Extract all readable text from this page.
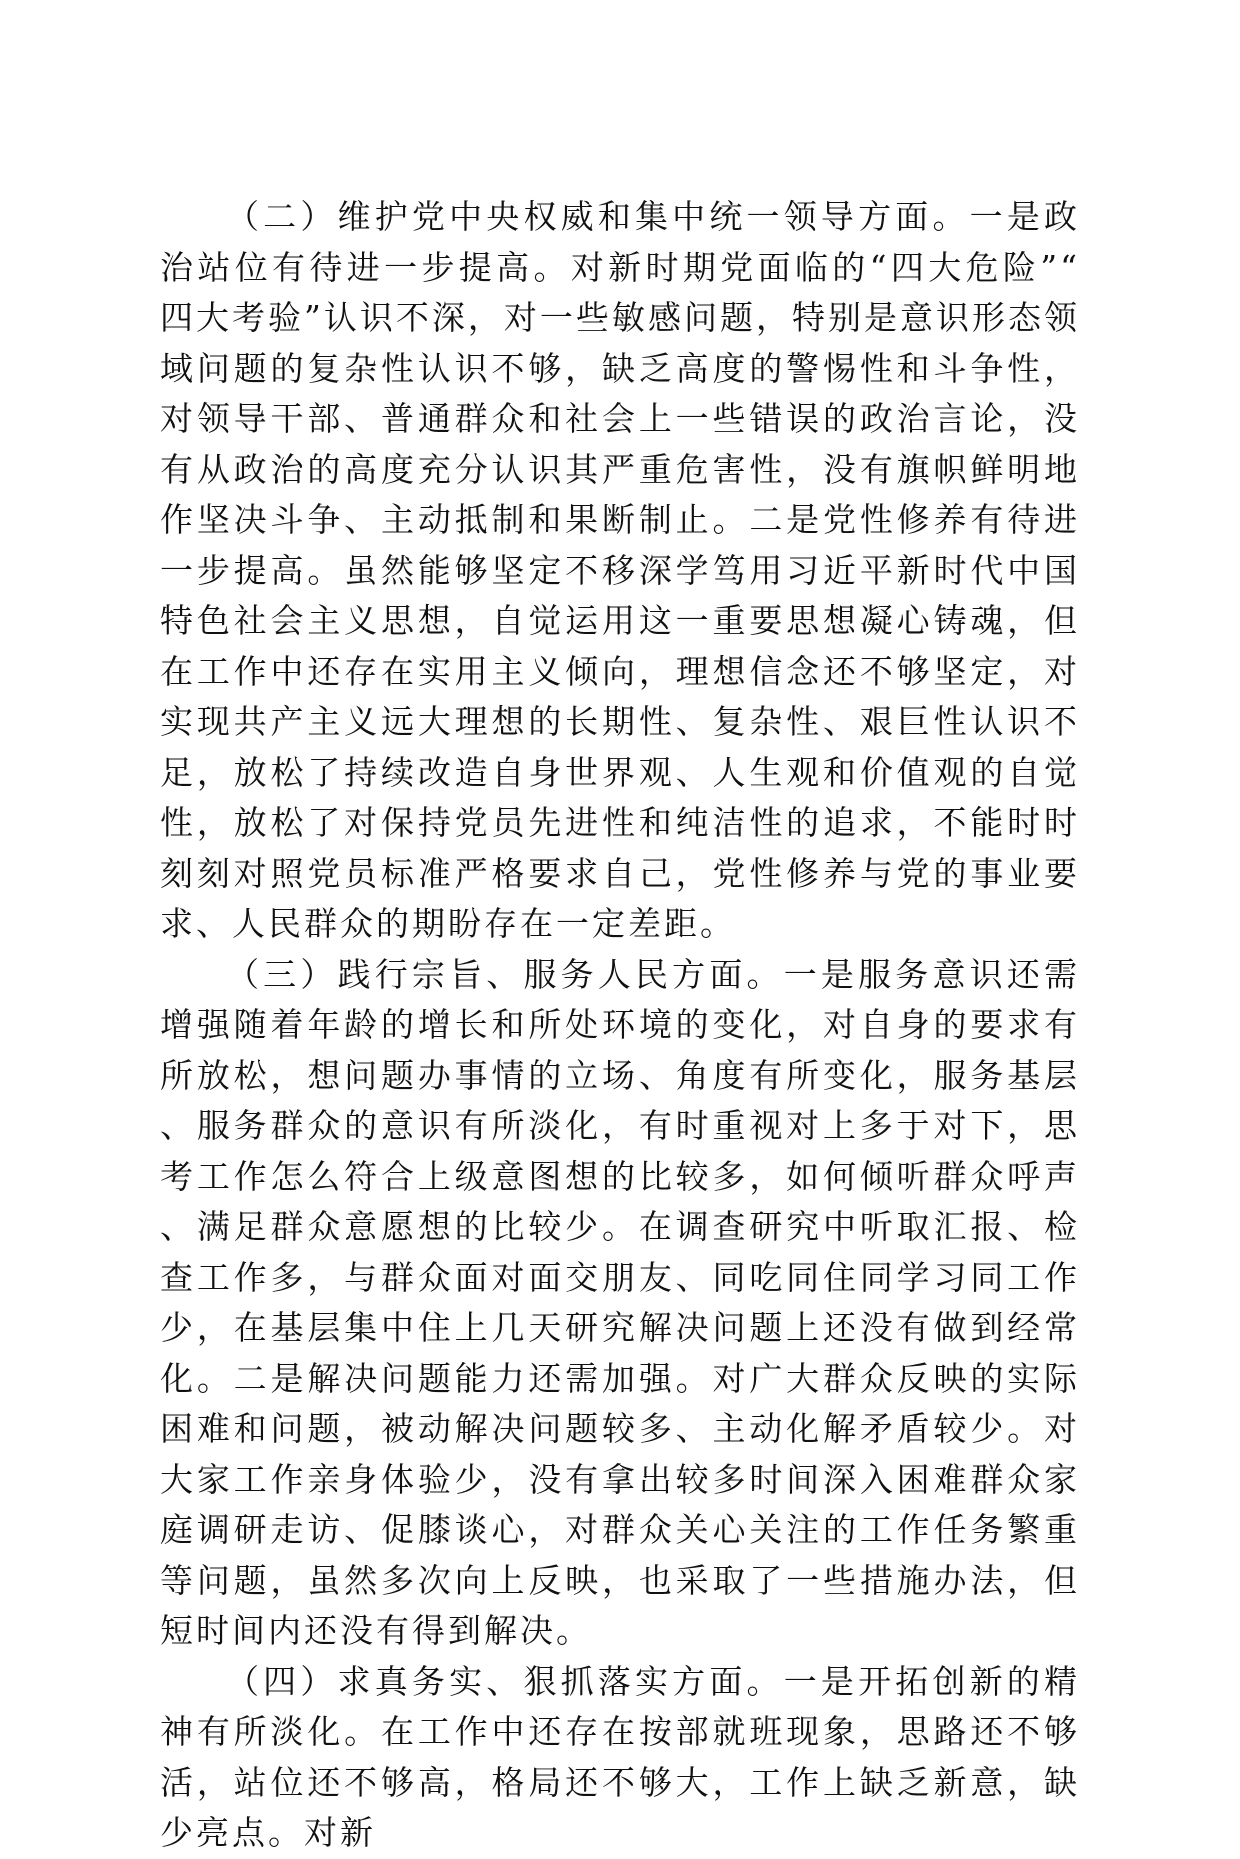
（二）维护党中央权威和集中统一领导方面。一是政治站位有待进一步提高。对新时期党面临的“四大危险”“四大考验”认识不深，对一些敏感问题，特别是意识形态领域问题的复杂性认识不够，缺乏高度的警惕性和斗争性，对领导干部、普通群众和社会上一些错误的政治言论，没有从政治的高度充分认识其严重危害性，没有旗帜鲜明地作坚决斗争、主动抵制和果断制止。二是党性修养有待进一步提高。虽然能够坚定不移深学笃用习近平新时代中国特色社会主义思想，自觉运用这一重要思想凝心铸魂，但在工作中还存在实用主义倾向，理想信念还不够坚定，对实现共产主义远大理想的长期性、复杂性、艰巨性认识不足，放松了持续改造自身世界观、人生观和价值观的自觉性，放松了对保持党员先进性和纯洁性的追求，不能时时刻刻对照党员标准严格要求自己，党性修养与党的事业要求、人民群众的期盼存在一定差距。

（三）践行宗旨、服务人民方面。一是服务意识还需增强随着年龄的增长和所处环境的变化，对自身的要求有所放松，想问题办事情的立场、角度有所变化，服务基层、服务群众的意识有所淡化，有时重视对上多于对下，思考工作怎么符合上级意图想的比较多，如何倾听群众呼声、满足群众意愿想的比较少。在调查研究中听取汇报、检查工作多，与群众面对面交朋友、同吃同住同学习同工作少，在基层集中住上几天研究解决问题上还没有做到经常化。二是解决问题能力还需加强。对广大群众反映的实际困难和问题，被动解决问题较多、主动化解矛盾较少。对大家工作亲身体验少，没有拿出较多时间深入困难群众家庭调研走访、促膝谈心，对群众关心关注的工作任务繁重等问题，虽然多次向上反映，也采取了一些措施办法，但短时间内还没有得到解决。

（四）求真务实、狠抓落实方面。一是开拓创新的精神有所淡化。在工作中还存在按部就班现象，思路还不够活，站位还不够高，格局还不够大，工作上缺乏新意，缺少亮点。对新
